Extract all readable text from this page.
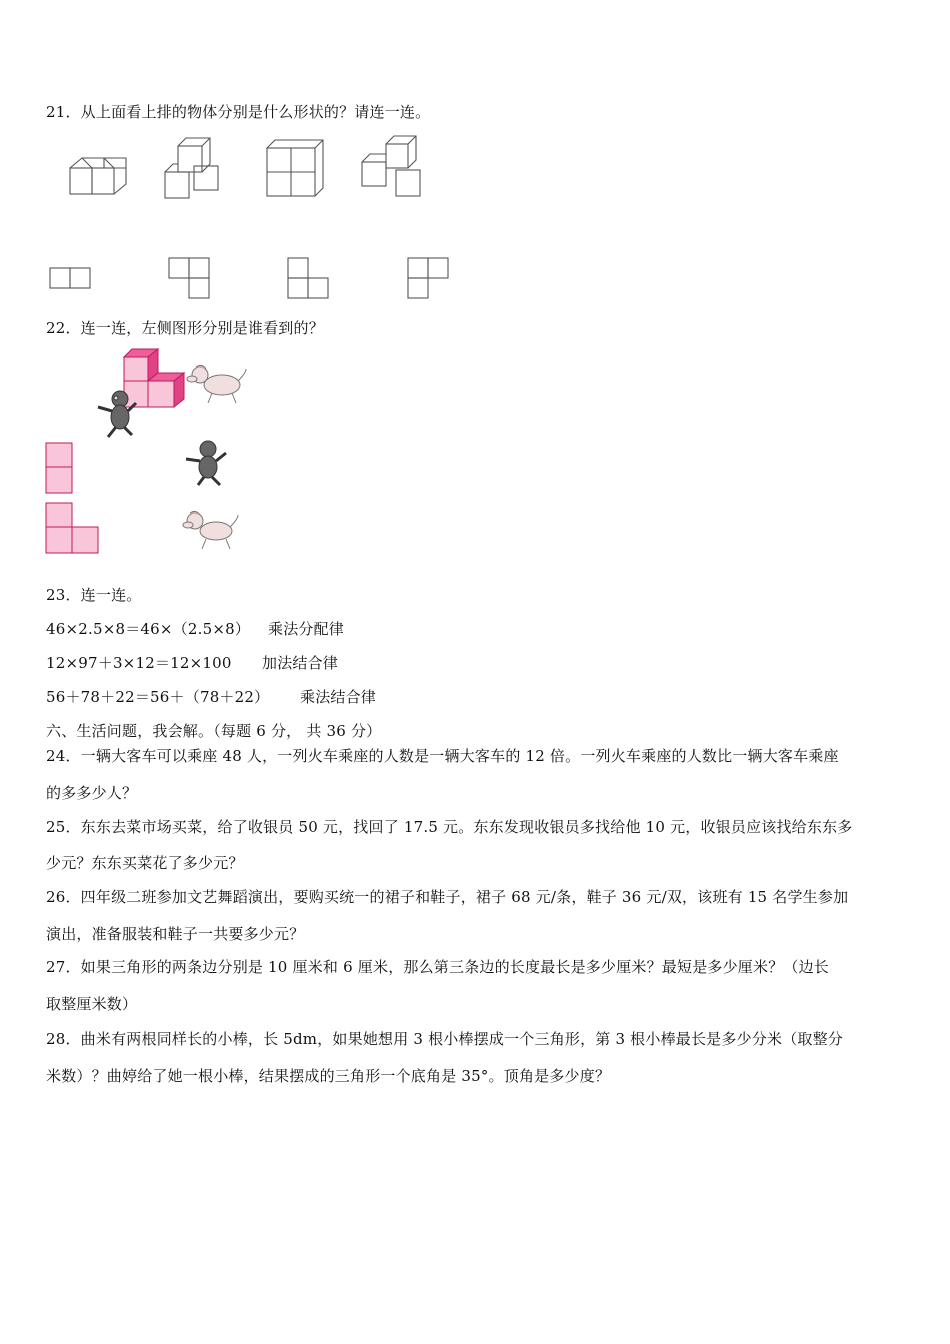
21．从上面看上排的物体分别是什么形状的？请连一连。
22．连一连，左侧图形分别是谁看到的？
23．连一连。
46×2.5×8＝46×（2.5×8） 乘法分配律
12×97＋3×12＝12×100 加法结合律
56＋78＋22＝56＋（78＋22） 乘法结合律
六、生活问题，我会解。（每题 6 分， 共 36 分）
24．一辆大客车可以乘座 48 人，一列火车乘座的人数是一辆大客车的 12 倍。一列火车乘座的人数比一辆大客车乘座
的多多少人？
25．东东去菜市场买菜，给了收银员 50 元，找回了 17.5 元。东东发现收银员多找给他 10 元，收银员应该找给东东多
少元？东东买菜花了多少元？
26．四年级二班参加文艺舞蹈演出，要购买统一的裙子和鞋子，裙子 68 元/条，鞋子 36 元/双，该班有 15 名学生参加
演出，准备服装和鞋子一共要多少元？
27．如果三角形的两条边分别是 10 厘米和 6 厘米，那么第三条边的长度最长是多少厘米？最短是多少厘米？（边长
取整厘米数）
28．曲米有两根同样长的小棒，长 5dm，如果她想用 3 根小棒摆成一个三角形，第 3 根小棒最长是多少分米（取整分
米数）？曲婷给了她一根小棒，结果摆成的三角形一个底角是 35°。顶角是多少度？
